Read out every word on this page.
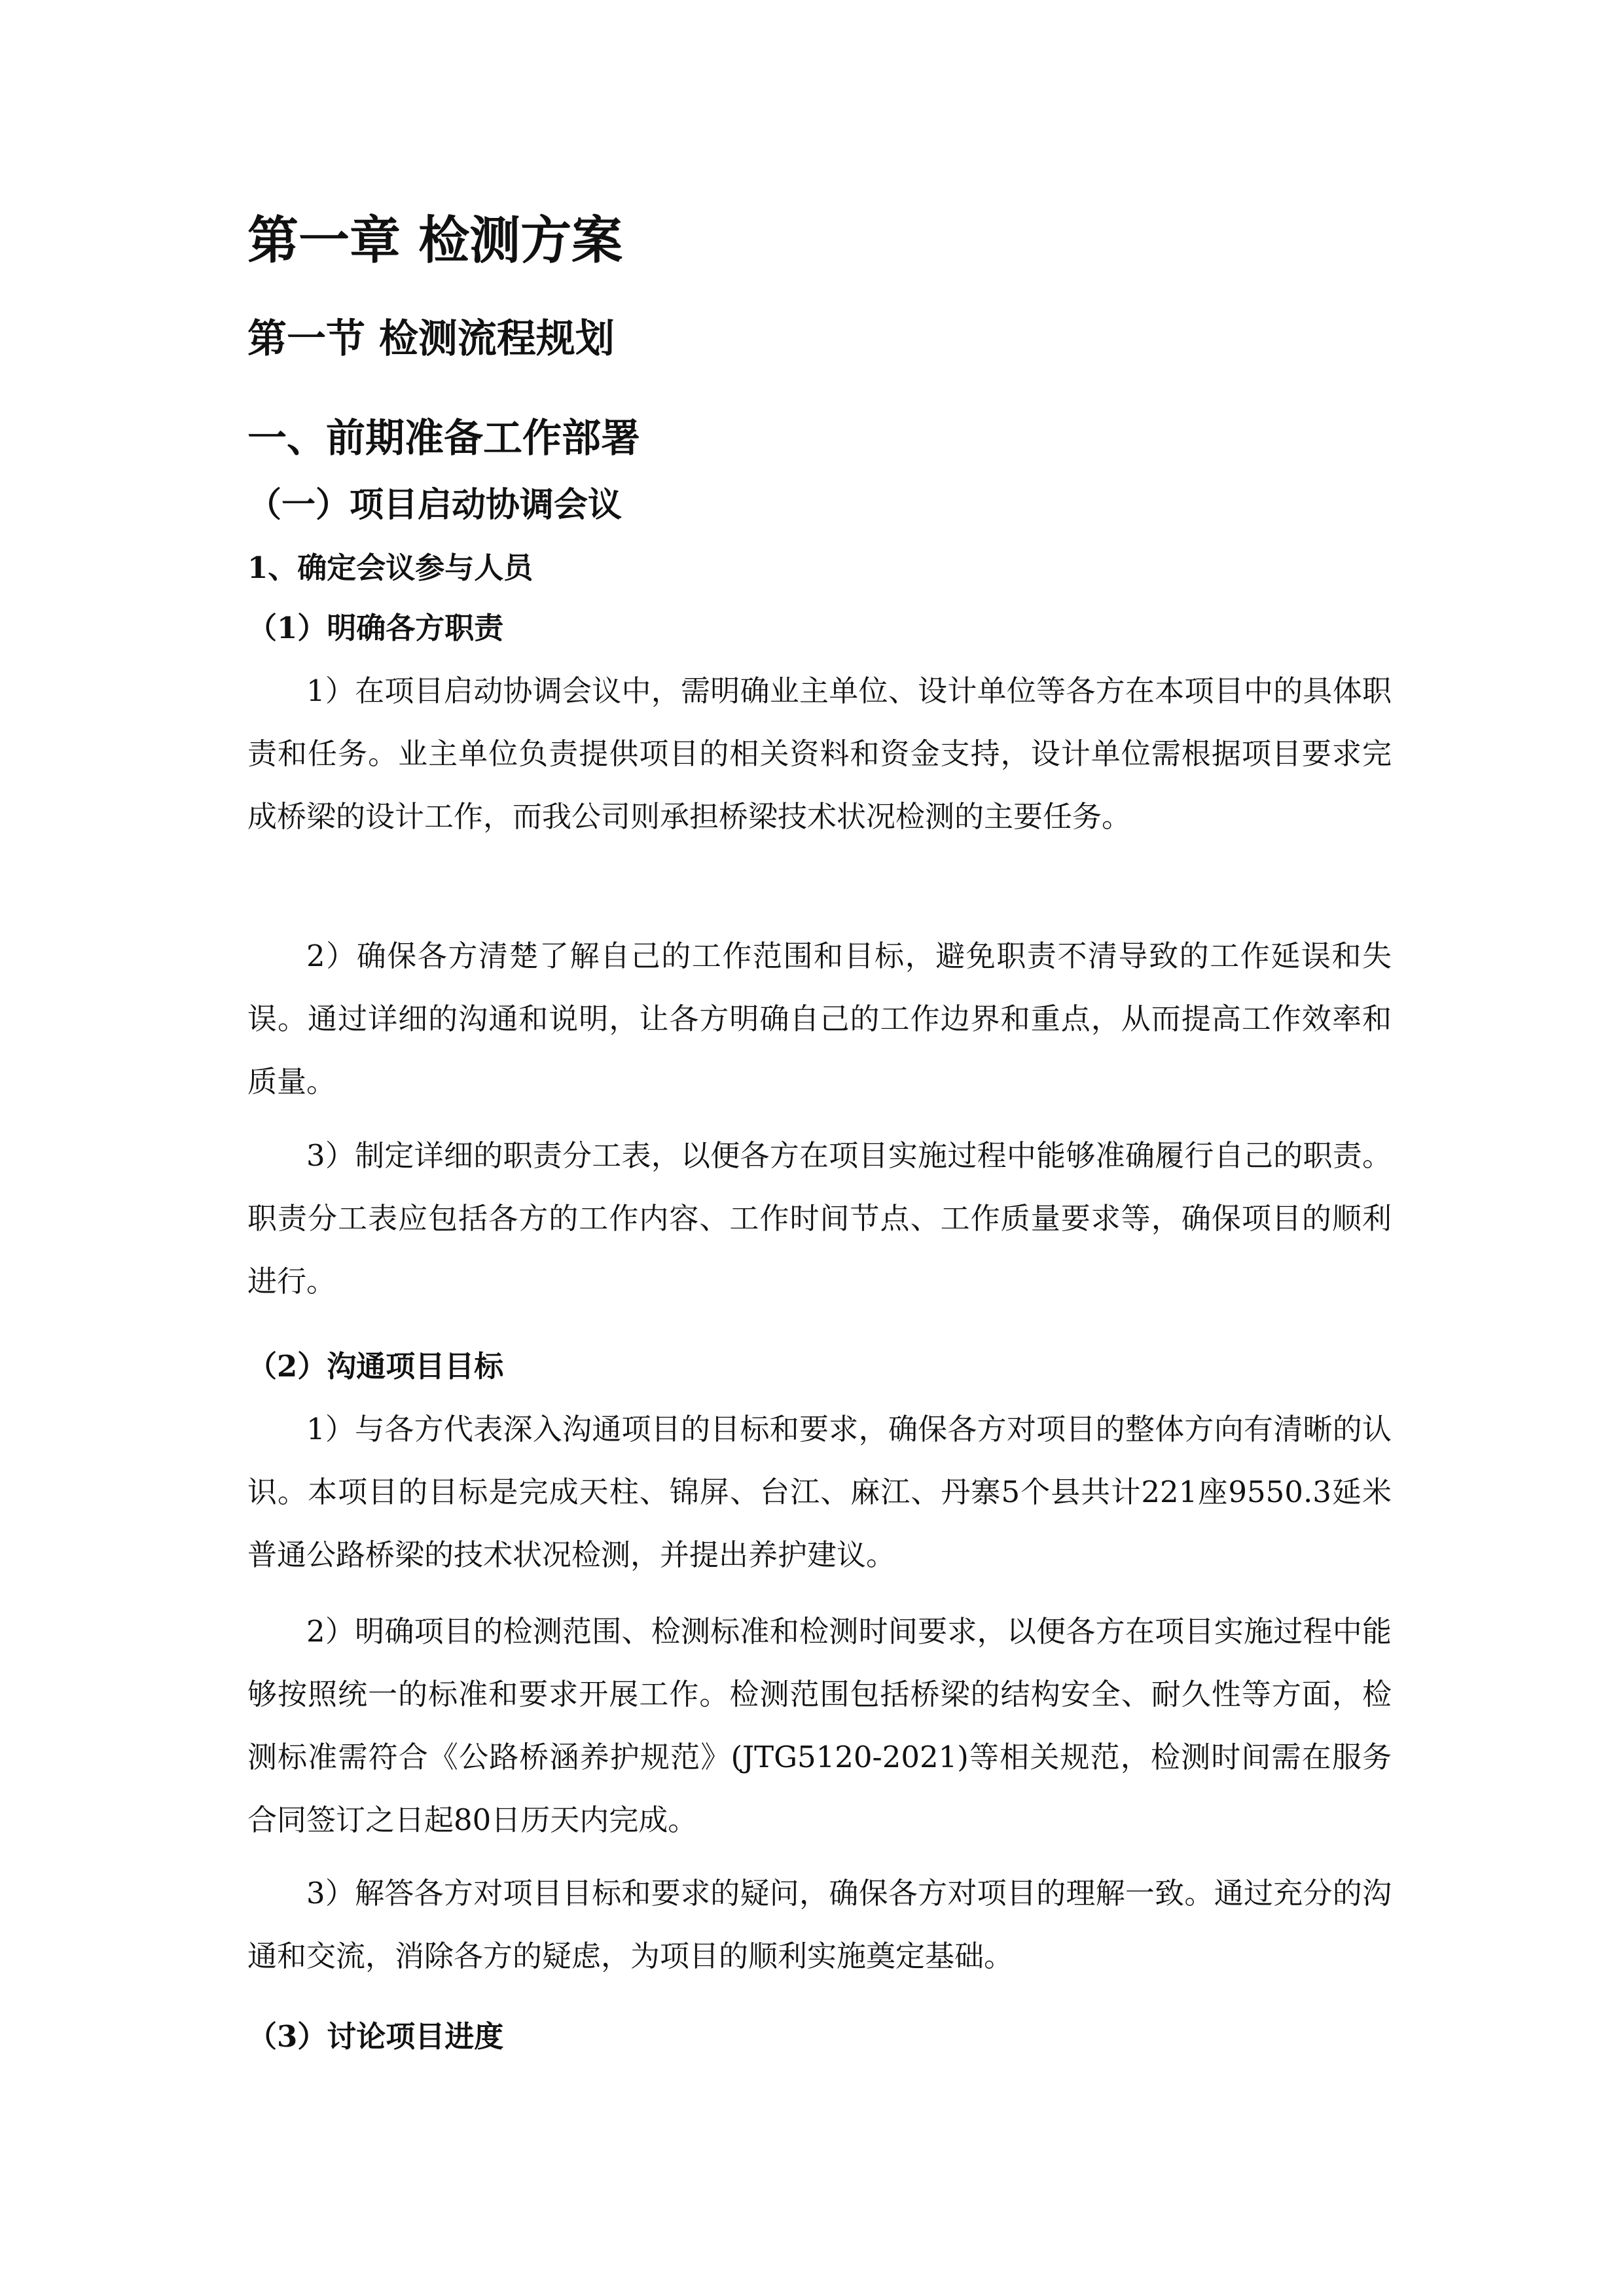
第一章 检测方案
第一节 检测流程规划
一、前期准备工作部署
（一）项目启动协调会议
1、确定会议参与人员
（1）明确各方职责

1）在项目启动协调会议中，需明确业主单位、设计单位等各方在本项目中的具体职责和任务。业主单位负责提供项目的相关资料和资金支持，设计单位需根据项目要求完成桥梁的设计工作，而我公司则承担桥梁技术状况检测的主要任务。

2）确保各方清楚了解自己的工作范围和目标，避免职责不清导致的工作延误和失误。通过详细的沟通和说明，让各方明确自己的工作边界和重点，从而提高工作效率和质量。

3）制定详细的职责分工表，以便各方在项目实施过程中能够准确履行自己的职责。职责分工表应包括各方的工作内容、工作时间节点、工作质量要求等，确保项目的顺利进行。

（2）沟通项目目标

1）与各方代表深入沟通项目的目标和要求，确保各方对项目的整体方向有清晰的认识。本项目的目标是完成天柱、锦屏、台江、麻江、丹寨5个县共计221座9550.3延米普通公路桥梁的技术状况检测，并提出养护建议。

2）明确项目的检测范围、检测标准和检测时间要求，以便各方在项目实施过程中能够按照统一的标准和要求开展工作。检测范围包括桥梁的结构安全、耐久性等方面，检测标准需符合《公路桥涵养护规范》(JTG5120-2021)等相关规范，检测时间需在服务合同签订之日起80日历天内完成。

3）解答各方对项目目标和要求的疑问，确保各方对项目的理解一致。通过充分的沟通和交流，消除各方的疑虑，为项目的顺利实施奠定基础。

（3）讨论项目进度
